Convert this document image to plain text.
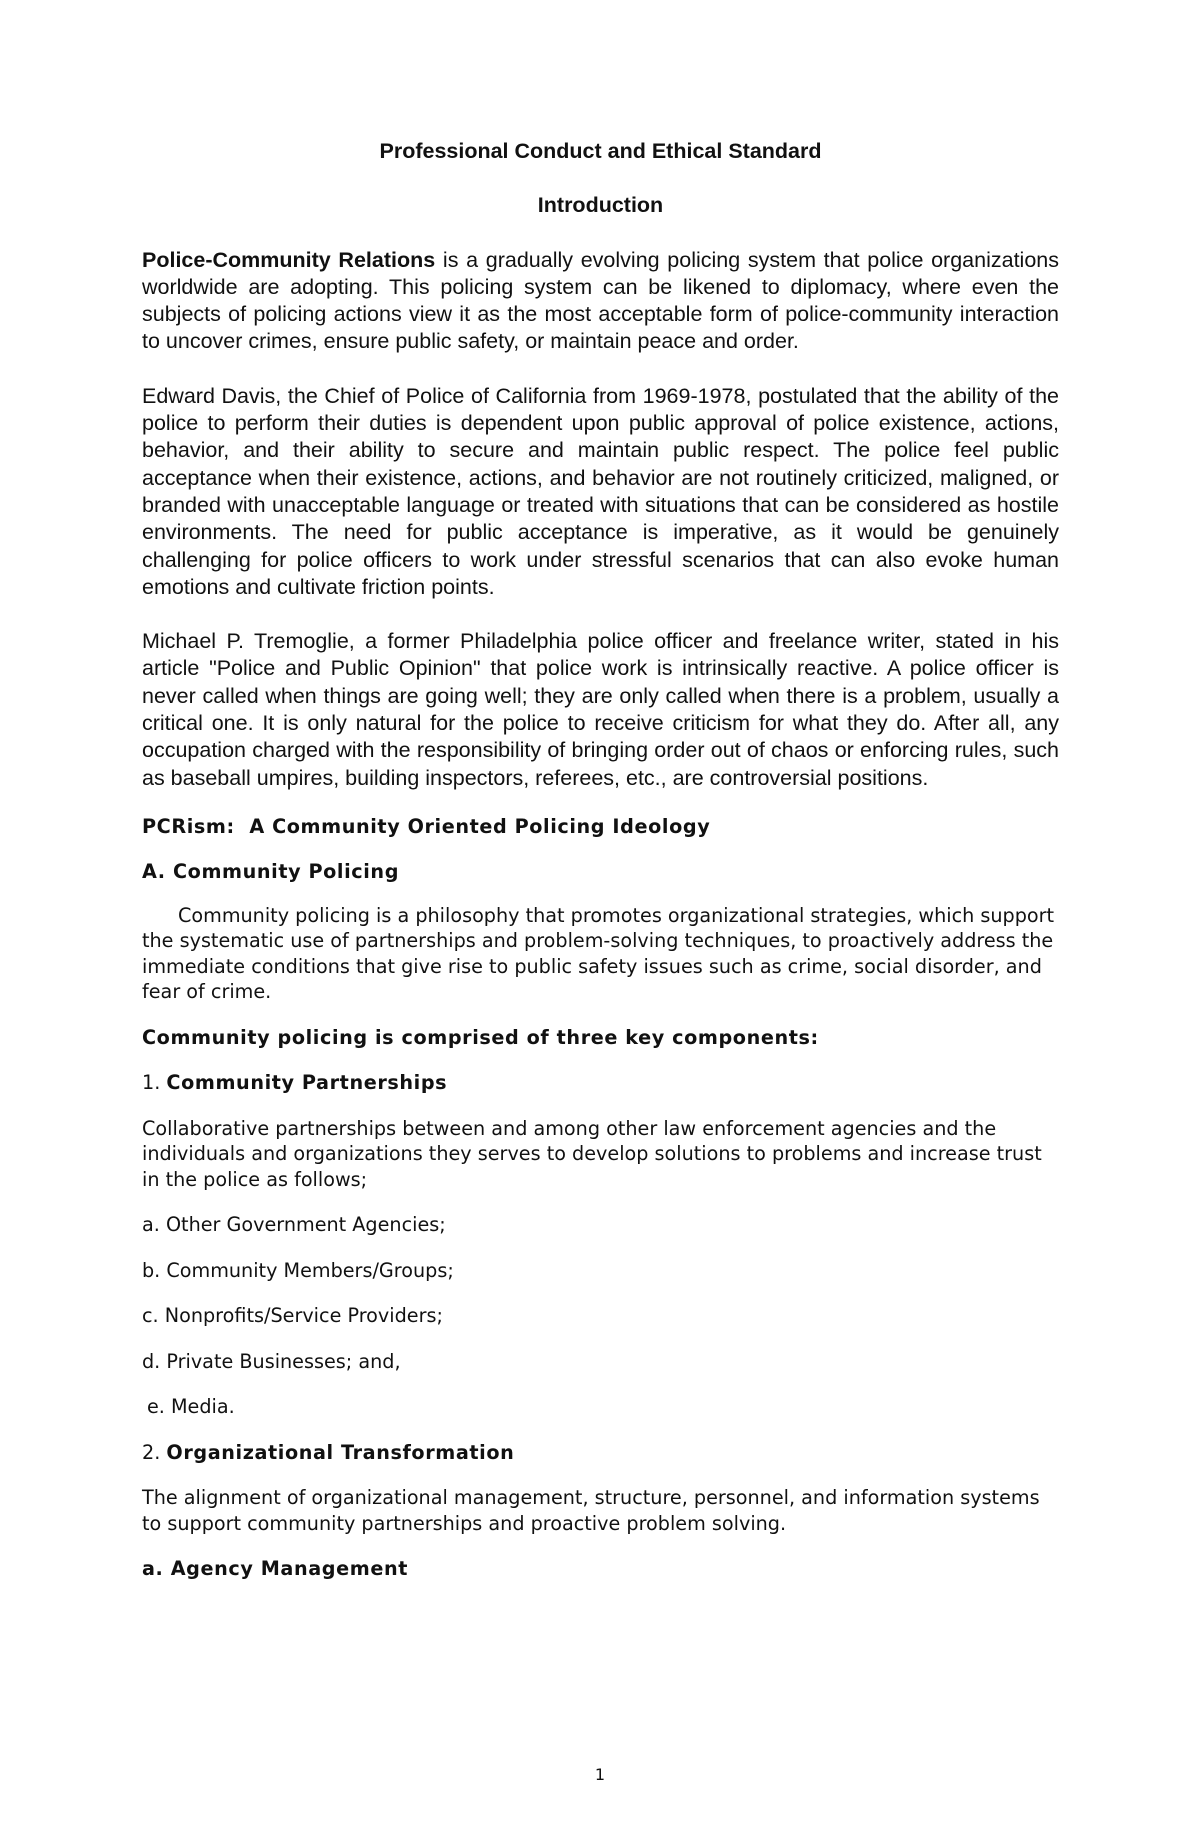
Professional Conduct and Ethical Standard
Introduction
Police-Community Relations is a gradually evolving policing system that police organizations worldwide are adopting. This policing system can be likened to diplomacy, where even the subjects of policing actions view it as the most acceptable form of police-community interaction to uncover crimes, ensure public safety, or maintain peace and order.
Edward Davis, the Chief of Police of California from 1969-1978, postulated that the ability of the police to perform their duties is dependent upon public approval of police existence, actions, behavior, and their ability to secure and maintain public respect. The police feel public acceptance when their existence, actions, and behavior are not routinely criticized, maligned, or branded with unacceptable language or treated with situations that can be considered as hostile environments. The need for public acceptance is imperative, as it would be genuinely challenging for police officers to work under stressful scenarios that can also evoke human emotions and cultivate friction points.
Michael P. Tremoglie, a former Philadelphia police officer and freelance writer, stated in his article "Police and Public Opinion" that police work is intrinsically reactive. A police officer is never called when things are going well; they are only called when there is a problem, usually a critical one. It is only natural for the police to receive criticism for what they do. After all, any occupation charged with the responsibility of bringing order out of chaos or enforcing rules, such as baseball umpires, building inspectors, referees, etc., are controversial positions.
PCRism:  A Community Oriented Policing Ideology
A. Community Policing
Community policing is a philosophy that promotes organizational strategies, which support the systematic use of partnerships and problem-solving techniques, to proactively address the immediate conditions that give rise to public safety issues such as crime, social disorder, and fear of crime.
Community policing is comprised of three key components:
1. Community Partnerships
Collaborative partnerships between and among other law enforcement agencies and the individuals and organizations they serves to develop solutions to problems and increase trust in the police as follows;
a. Other Government Agencies;
b. Community Members/Groups;
c. Nonprofits/Service Providers;
d. Private Businesses; and,
e. Media.
2. Organizational Transformation
The alignment of organizational management, structure, personnel, and information systems to support community partnerships and proactive problem solving.
a. Agency Management
1
